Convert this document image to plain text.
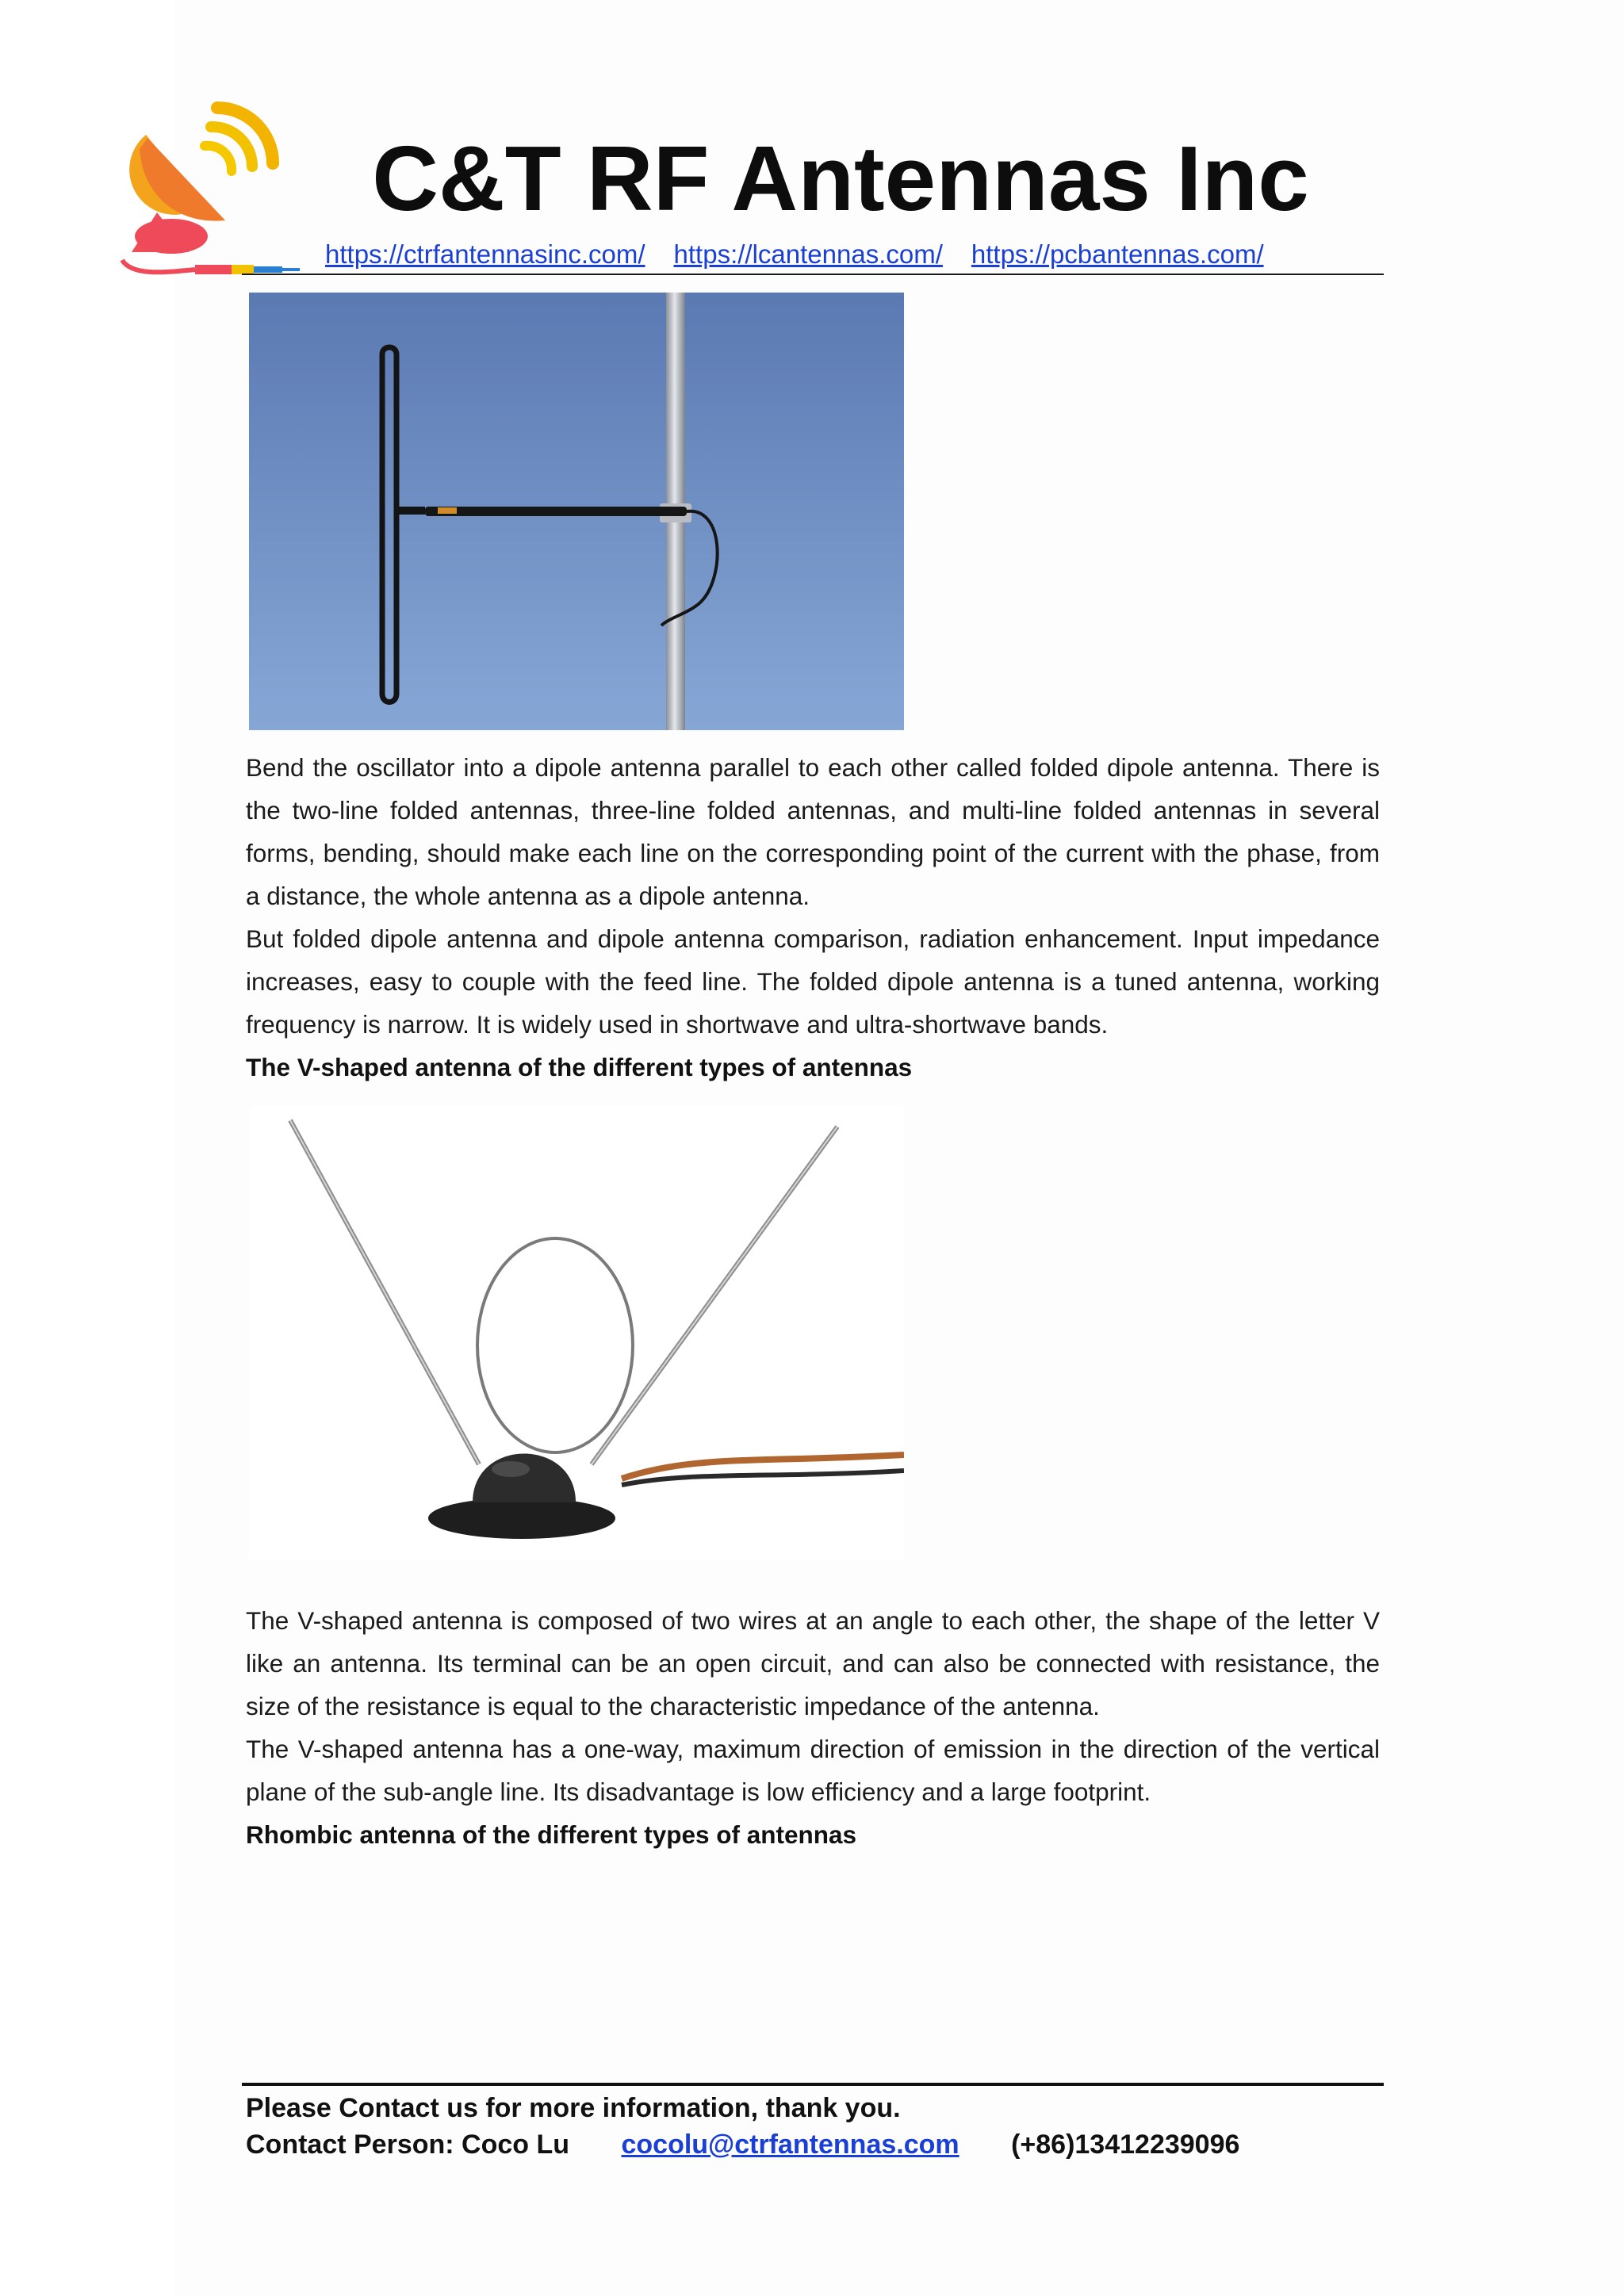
C&T RF Antennas Inc
https://ctrfantennasinc.com/ https://lcantennas.com/ https://pcbantennas.com/
Bend the oscillator into a dipole antenna parallel to each other called folded dipole antenna. There is the two-line folded antennas, three-line folded antennas, and multi-line folded antennas in several forms, bending, should make each line on the corresponding point of the current with the phase, from a distance, the whole antenna as a dipole antenna.
But folded dipole antenna and dipole antenna comparison, radiation enhancement. Input impedance increases, easy to couple with the feed line. The folded dipole antenna is a tuned antenna, working frequency is narrow. It is widely used in shortwave and ultra-shortwave bands.
The V-shaped antenna of the different types of antennas
The V-shaped antenna is composed of two wires at an angle to each other, the shape of the letter V like an antenna. Its terminal can be an open circuit, and can also be connected with resistance, the size of the resistance is equal to the characteristic impedance of the antenna.
The V-shaped antenna has a one-way, maximum direction of emission in the direction of the vertical plane of the sub-angle line. Its disadvantage is low efficiency and a large footprint.
Rhombic antenna of the different types of antennas
Please Contact us for more information, thank you.
Contact Person: Coco Lu cocolu@ctrfantennas.com (+86)13412239096
